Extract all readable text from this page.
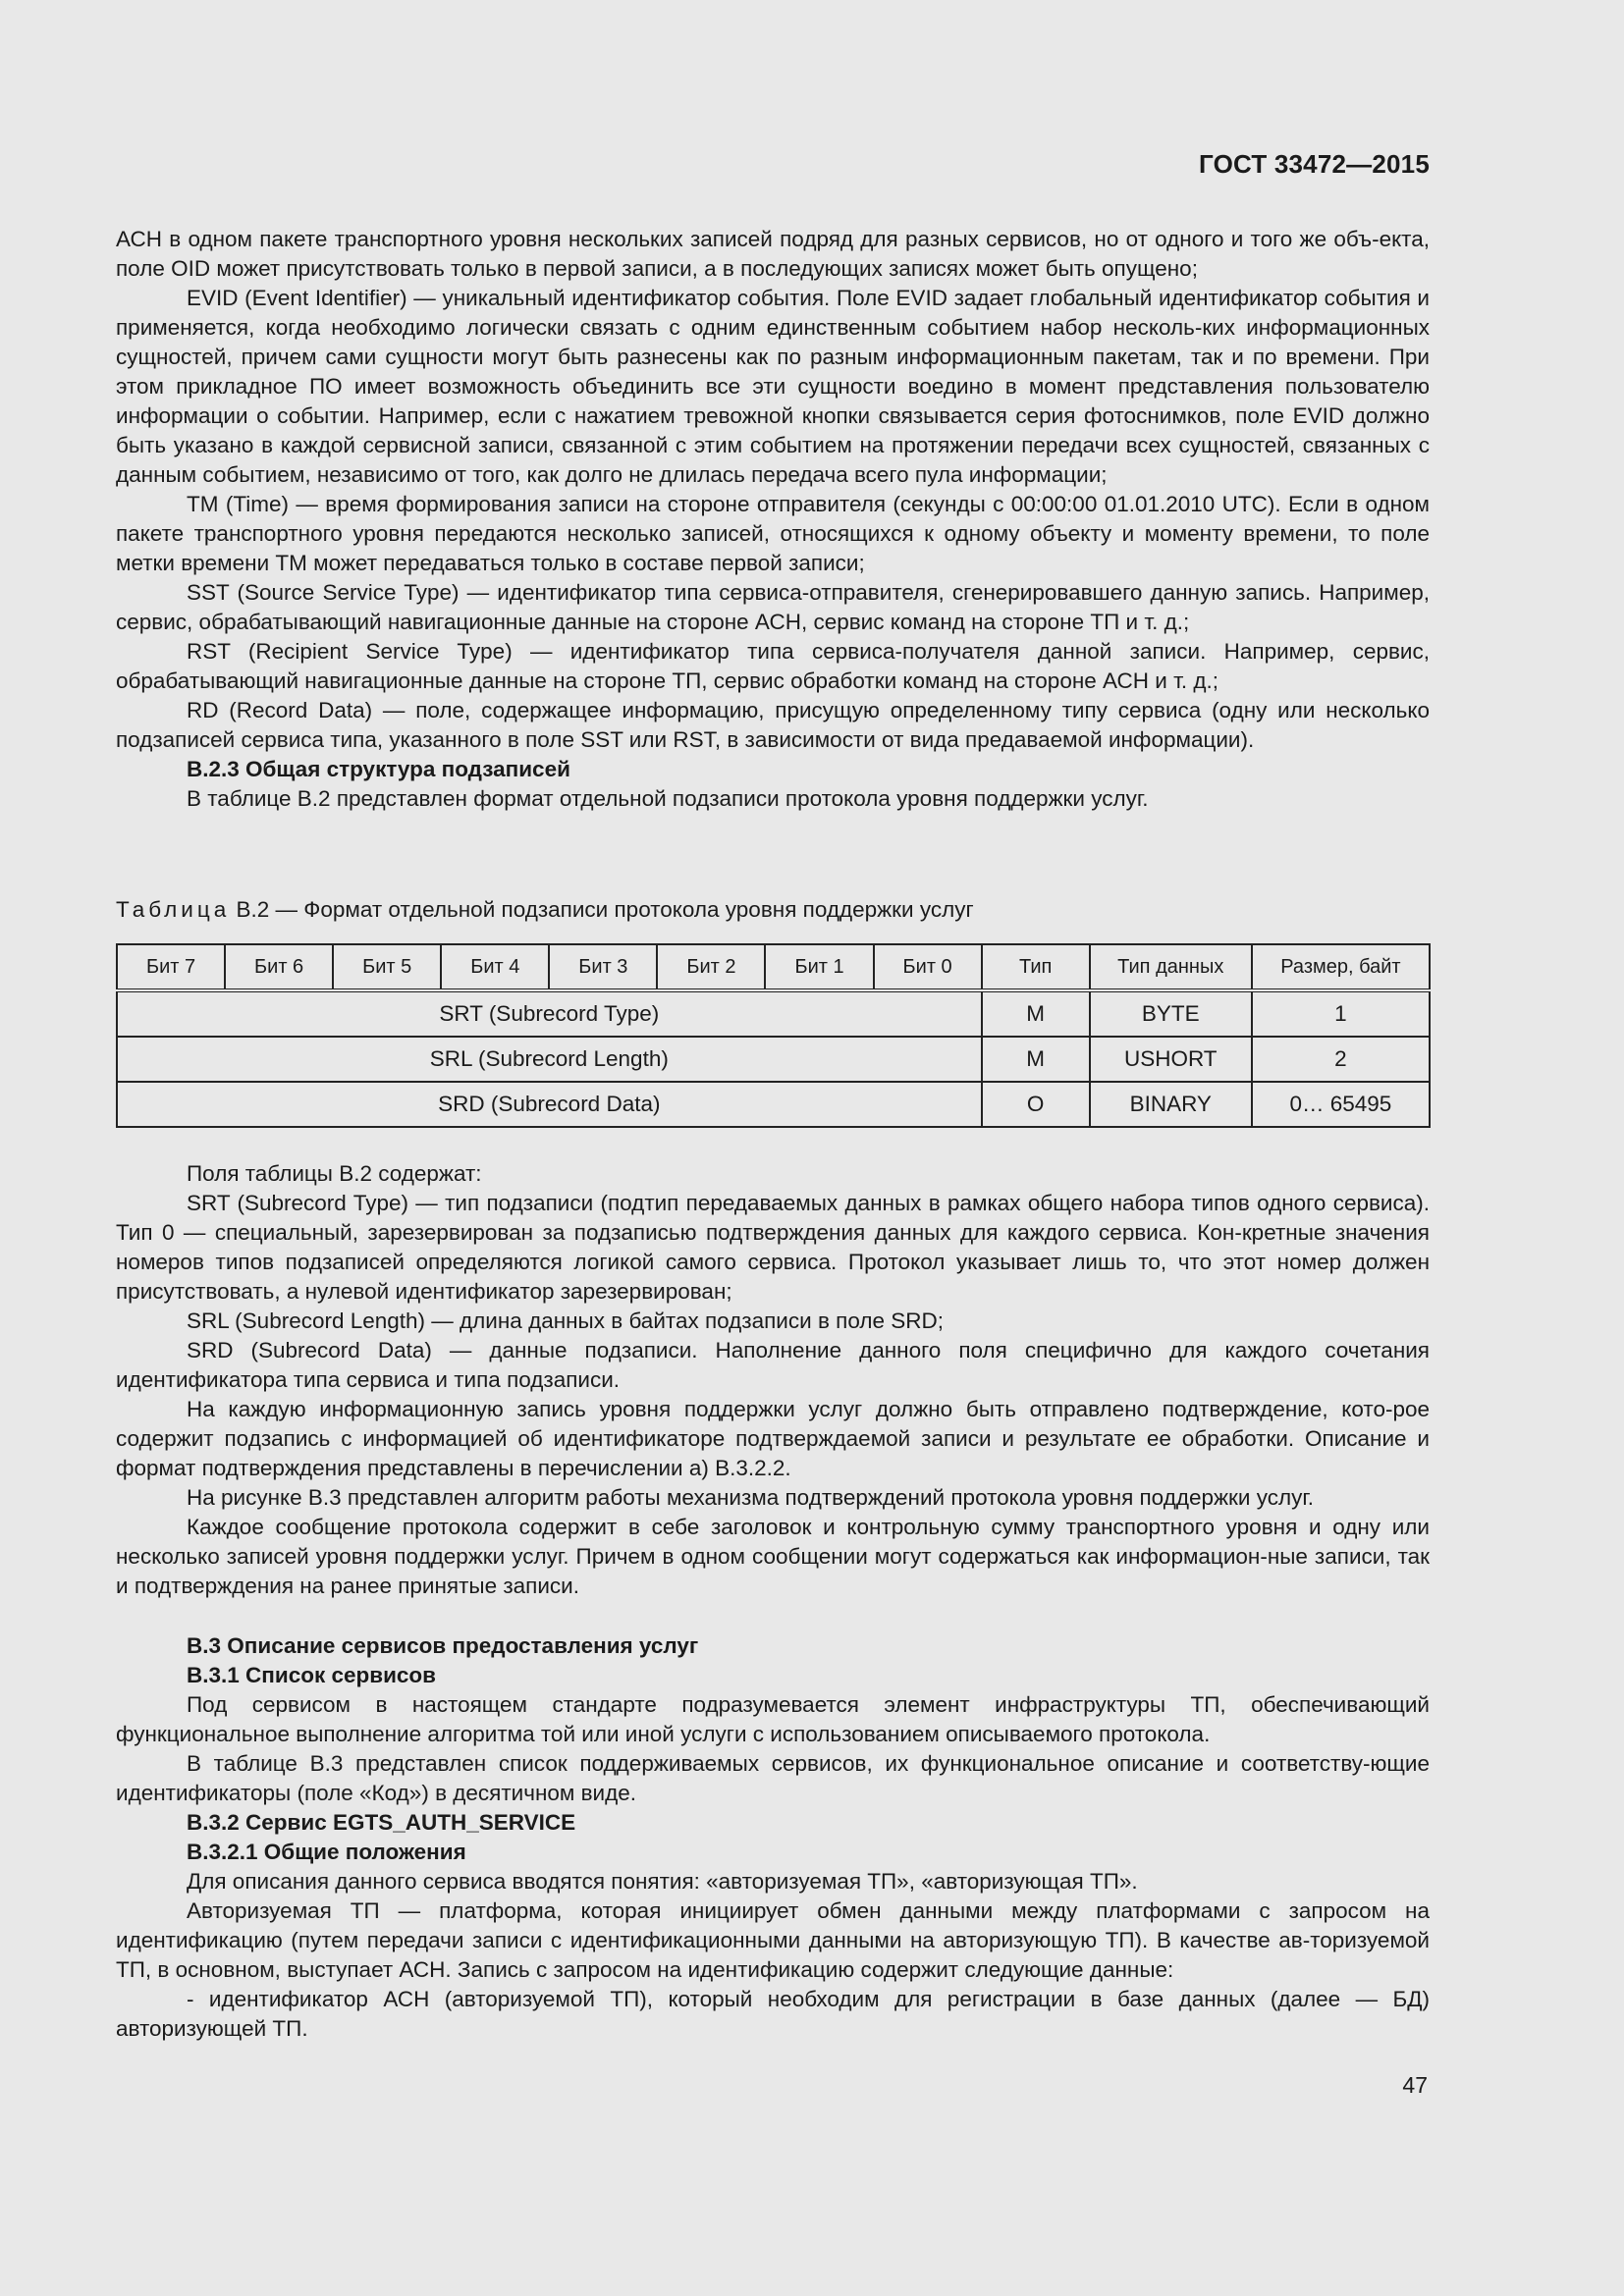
ГОСТ 33472—2015

АСН в одном пакете транспортного уровня нескольких записей подряд для разных сервисов, но от одного и того же объ-екта, поле OID может присутствовать только в первой записи, а в последующих записях может быть опущено;

EVID (Event Identifier) — уникальный идентификатор события. Поле EVID задает глобальный идентификатор события и применяется, когда необходимо логически связать с одним единственным событием набор несколь-ких информационных сущностей, причем сами сущности могут быть разнесены как по разным информационным пакетам, так и по времени. При этом прикладное ПО имеет возможность объединить все эти сущности воедино в момент представления пользователю информации о событии. Например, если с нажатием тревожной кнопки связывается серия фотоснимков, поле EVID должно быть указано в каждой сервисной записи, связанной с этим событием на протяжении передачи всех сущностей, связанных с данным событием, независимо от того, как долго не длилась передача всего пула информации;

TM (Time) — время формирования записи на стороне отправителя (секунды с 00:00:00 01.01.2010 UTC). Если в одном пакете транспортного уровня передаются несколько записей, относящихся к одному объекту и моменту времени, то поле метки времени TM может передаваться только в составе первой записи;

SST (Source Service Type) — идентификатор типа сервиса-отправителя, сгенерировавшего данную запись. Например, сервис, обрабатывающий навигационные данные на стороне АСН, сервис команд на стороне ТП и т. д.;

RST (Recipient Service Type) — идентификатор типа сервиса-получателя данной записи. Например, сервис, обрабатывающий навигационные данные на стороне ТП, сервис обработки команд на стороне АСН и т. д.;

RD (Record Data) — поле, содержащее информацию, присущую определенному типу сервиса (одну или несколько подзаписей сервиса типа, указанного в поле SST или RST, в зависимости от вида предаваемой информации).

В.2.3 Общая структура подзаписей

В таблице В.2 представлен формат отдельной подзаписи протокола уровня поддержки услуг.

Таблица В.2 — Формат отдельной подзаписи протокола уровня поддержки услуг
Бит 7	Бит 6	Бит 5	Бит 4	Бит 3	Бит 2	Бит 1	Бит 0	Тип	Тип данных	Размер, байт
SRT (Subrecord Type)								M	BYTE	1
SRL (Subrecord Length)								M	USHORT	2
SRD (Subrecord Data)								O	BINARY	0… 65495

Поля таблицы В.2 содержат:

SRT (Subrecord Type) — тип подзаписи (подтип передаваемых данных в рамках общего набора типов одного сервиса). Тип 0 — специальный, зарезервирован за подзаписью подтверждения данных для каждого сервиса. Кон-кретные значения номеров типов подзаписей определяются логикой самого сервиса. Протокол указывает лишь то, что этот номер должен присутствовать, а нулевой идентификатор зарезервирован;

SRL (Subrecord Length) — длина данных в байтах подзаписи в поле SRD;

SRD (Subrecord Data) — данные подзаписи. Наполнение данного поля специфично для каждого сочетания идентификатора типа сервиса и типа подзаписи.

На каждую информационную запись уровня поддержки услуг должно быть отправлено подтверждение, кото-рое содержит подзапись с информацией об идентификаторе подтверждаемой записи и результате ее обработки. Описание и формат подтверждения представлены в перечислении а) В.3.2.2.

На рисунке В.3 представлен алгоритм работы механизма подтверждений протокола уровня поддержки услуг.

Каждое сообщение протокола содержит в себе заголовок и контрольную сумму транспортного уровня и одну или несколько записей уровня поддержки услуг. Причем в одном сообщении могут содержаться как информацион-ные записи, так и подтверждения на ранее принятые записи.

В.3 Описание сервисов предоставления услуг

В.3.1 Список сервисов

Под сервисом в настоящем стандарте подразумевается элемент инфраструктуры ТП, обеспечивающий функциональное выполнение алгоритма той или иной услуги с использованием описываемого протокола.

В таблице В.3 представлен список поддерживаемых сервисов, их функциональное описание и соответству-ющие идентификаторы (поле «Код») в десятичном виде.

В.3.2 Сервис EGTS_AUTH_SERVICE

В.3.2.1 Общие положения

Для описания данного сервиса вводятся понятия: «авторизуемая ТП», «авторизующая ТП».

Авторизуемая ТП — платформа, которая инициирует обмен данными между платформами с запросом на идентификацию (путем передачи записи с идентификационными данными на авторизующую ТП). В качестве ав-торизуемой ТП, в основном, выступает АСН. Запись с запросом на идентификацию содержит следующие данные:

- идентификатор АСН (авторизуемой ТП), который необходим для регистрации в базе данных (далее — БД) авторизующей ТП.

47
